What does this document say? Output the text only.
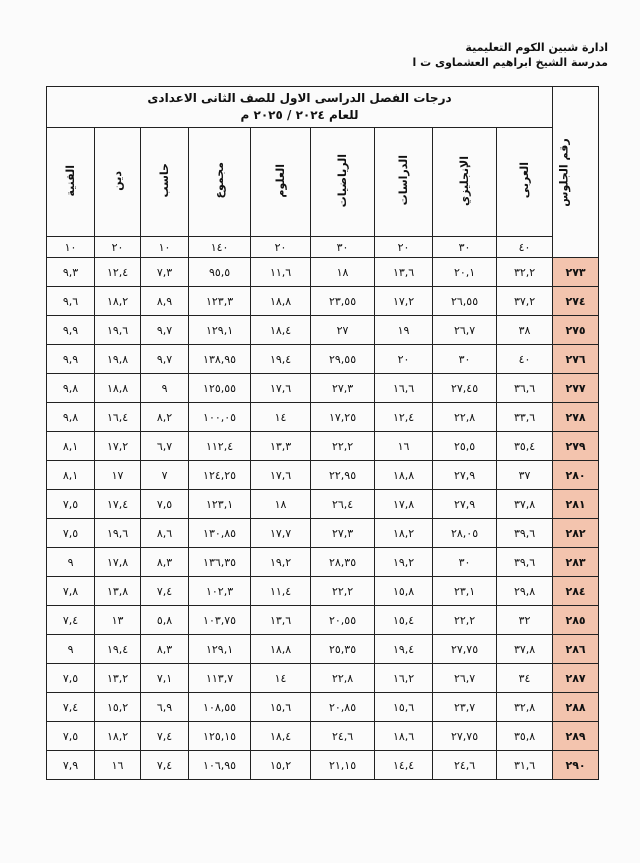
ادارة شبين الكوم التعليمية
مدرسة الشيخ ابراهيم العشماوى ت ا
رقم الجلوس	درجات الفصل الدراسى الاول للصف الثانى الاعدادى
للعام ٢٠٢٤ / ٢٠٢٥ م								

	العربى	الإنجليزي	الدراسات	الرياضيات	العلوم	مجموع	حاسب	دين	الفنية
	٤٠	٣٠	٢٠	٣٠	٢٠	١٤٠	١٠	٢٠	١٠
٢٧٣	٣٢,٢	٢٠,١	١٣,٦	١٨	١١,٦	٩٥,٥	٧,٣	١٢,٤	٩,٣
٢٧٤	٣٧,٢	٢٦,٥٥	١٧,٢	٢٣,٥٥	١٨,٨	١٢٣,٣	٨,٩	١٨,٢	٩,٦
٢٧٥	٣٨	٢٦,٧	١٩	٢٧	١٨,٤	١٢٩,١	٩,٧	١٩,٦	٩,٩
٢٧٦	٤٠	٣٠	٢٠	٢٩,٥٥	١٩,٤	١٣٨,٩٥	٩,٧	١٩,٨	٩,٩
٢٧٧	٣٦,٦	٢٧,٤٥	١٦,٦	٢٧,٣	١٧,٦	١٢٥,٥٥	٩	١٨,٨	٩,٨
٢٧٨	٣٣,٦	٢٢,٨	١٢,٤	١٧,٢٥	١٤	١٠٠,٠٥	٨,٢	١٦,٤	٩,٨
٢٧٩	٣٥,٤	٢٥,٥	١٦	٢٢,٢	١٣,٣	١١٢,٤	٦,٧	١٧,٢	٨,١
٢٨٠	٣٧	٢٧,٩	١٨,٨	٢٢,٩٥	١٧,٦	١٢٤,٢٥	٧	١٧	٨,١
٢٨١	٣٧,٨	٢٧,٩	١٧,٨	٢٦,٤	١٨	١٢٣,١	٧,٥	١٧,٤	٧,٥
٢٨٢	٣٩,٦	٢٨,٠٥	١٨,٢	٢٧,٣	١٧,٧	١٣٠,٨٥	٨,٦	١٩,٦	٧,٥
٢٨٣	٣٩,٦	٣٠	١٩,٢	٢٨,٣٥	١٩,٢	١٣٦,٣٥	٨,٣	١٧,٨	٩
٢٨٤	٢٩,٨	٢٣,١	١٥,٨	٢٢,٢	١١,٤	١٠٢,٣	٧,٤	١٣,٨	٧,٨
٢٨٥	٣٢	٢٢,٢	١٥,٤	٢٠,٥٥	١٣,٦	١٠٣,٧٥	٥,٨	١٣	٧,٤
٢٨٦	٣٧,٨	٢٧,٧٥	١٩,٤	٢٥,٣٥	١٨,٨	١٢٩,١	٨,٣	١٩,٤	٩
٢٨٧	٣٤	٢٦,٧	١٦,٢	٢٢,٨	١٤	١١٣,٧	٧,١	١٣,٢	٧,٥
٢٨٨	٣٢,٨	٢٣,٧	١٥,٦	٢٠,٨٥	١٥,٦	١٠٨,٥٥	٦,٩	١٥,٢	٧,٤
٢٨٩	٣٥,٨	٢٧,٧٥	١٨,٦	٢٤,٦	١٨,٤	١٢٥,١٥	٧,٤	١٨,٢	٧,٥
٢٩٠	٣١,٦	٢٤,٦	١٤,٤	٢١,١٥	١٥,٢	١٠٦,٩٥	٧,٤	١٦	٧,٩
